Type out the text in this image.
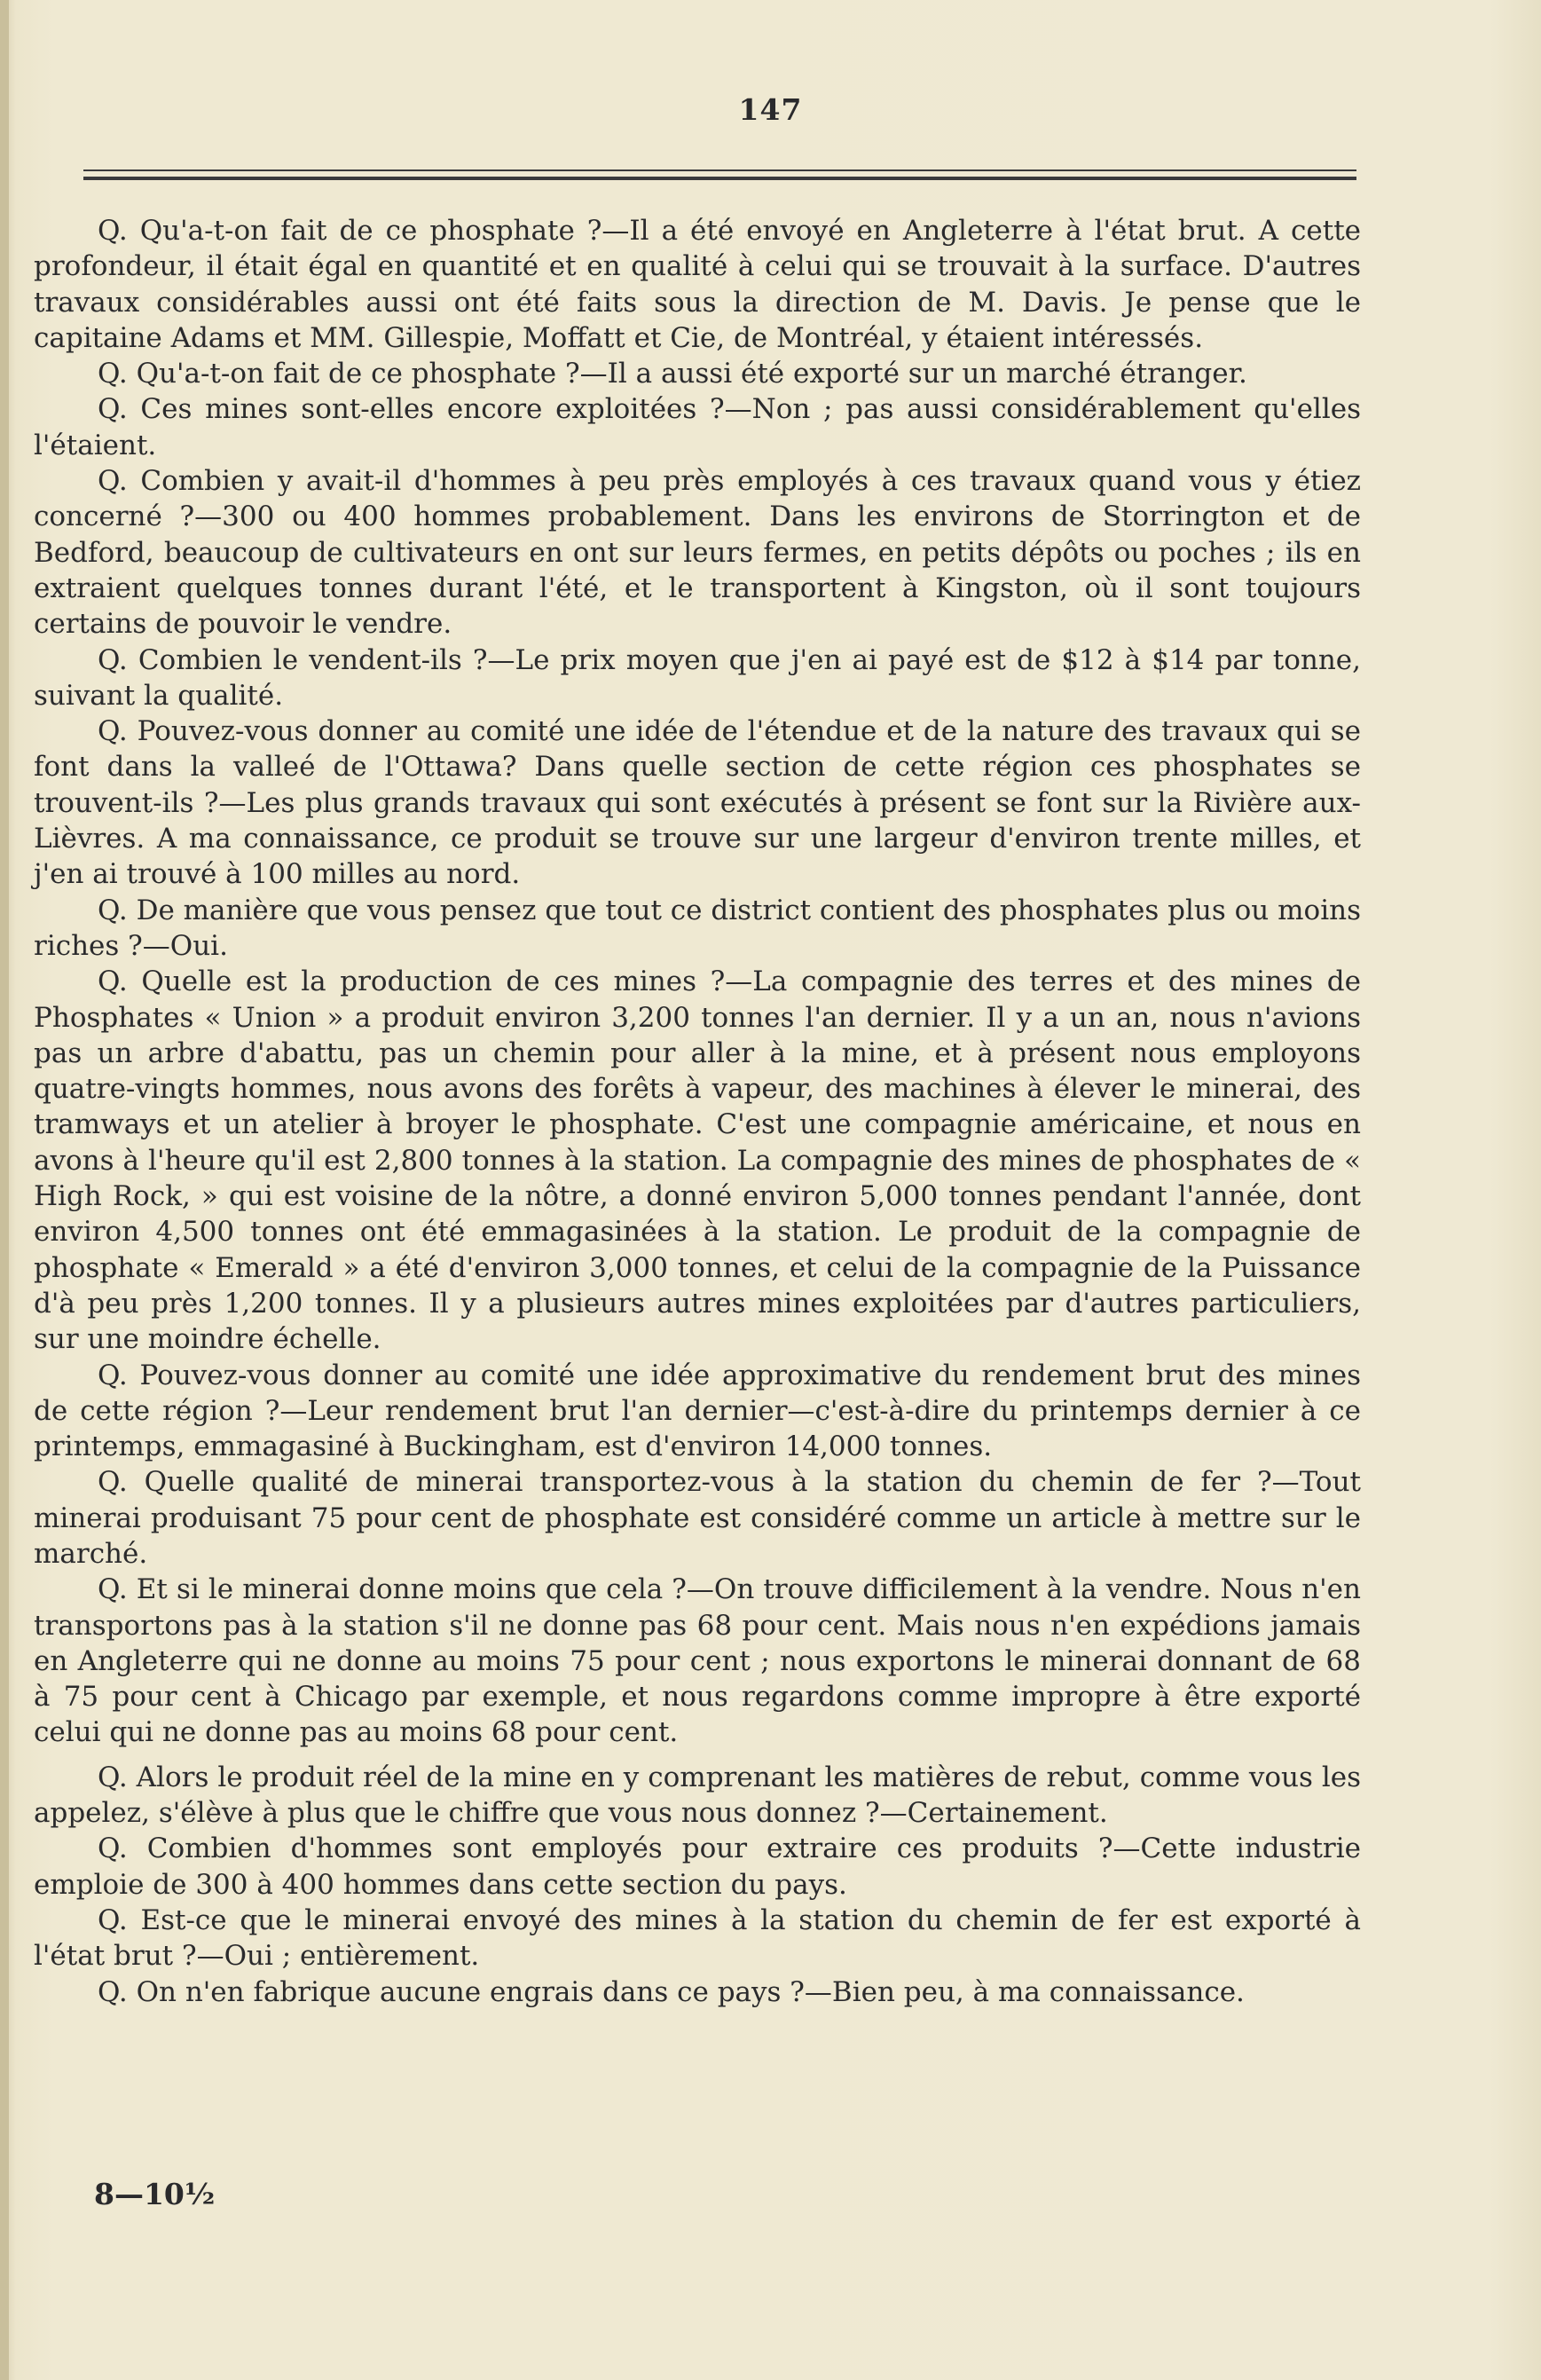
147

Q. Qu'a-t-on fait de ce phosphate ?—Il a été envoyé en Angleterre à l'état brut. A cette profondeur, il était égal en quantité et en qualité à celui qui se trouvait à la surface. D'autres travaux considérables aussi ont été faits sous la direction de M. Davis. Je pense que le capitaine Adams et MM. Gillespie, Moffatt et Cie, de Montréal, y étaient intéressés.

Q. Qu'a-t-on fait de ce phosphate ?—Il a aussi été exporté sur un marché étranger.

Q. Ces mines sont-elles encore exploitées ?—Non ; pas aussi considérablement qu'elles l'étaient.

Q. Combien y avait-il d'hommes à peu près employés à ces travaux quand vous y étiez concerné ?—300 ou 400 hommes probablement. Dans les environs de Storrington et de Bedford, beaucoup de cultivateurs en ont sur leurs fermes, en petits dépôts ou poches ; ils en extraient quelques tonnes durant l'été, et le transportent à Kingston, où il sont toujours certains de pouvoir le vendre.

Q. Combien le vendent-ils ?—Le prix moyen que j'en ai payé est de $12 à $14 par tonne, suivant la qualité.

Q. Pouvez-vous donner au comité une idée de l'étendue et de la nature des travaux qui se font dans la valleé de l'Ottawa? Dans quelle section de cette région ces phosphates se trouvent-ils ?—Les plus grands travaux qui sont exécutés à présent se font sur la Rivière aux-Lièvres. A ma connaissance, ce produit se trouve sur une largeur d'environ trente milles, et j'en ai trouvé à 100 milles au nord.

Q. De manière que vous pensez que tout ce district contient des phosphates plus ou moins riches ?—Oui.

Q. Quelle est la production de ces mines ?—La compagnie des terres et des mines de Phosphates « Union » a produit environ 3,200 tonnes l'an dernier. Il y a un an, nous n'avions pas un arbre d'abattu, pas un chemin pour aller à la mine, et à présent nous employons quatre-vingts hommes, nous avons des forêts à vapeur, des machines à élever le minerai, des tramways et un atelier à broyer le phosphate. C'est une compagnie américaine, et nous en avons à l'heure qu'il est 2,800 tonnes à la station. La compagnie des mines de phosphates de « High Rock, » qui est voisine de la nôtre, a donné environ 5,000 tonnes pendant l'année, dont environ 4,500 tonnes ont été emmagasinées à la station. Le produit de la compagnie de phosphate « Emerald » a été d'environ 3,000 tonnes, et celui de la compagnie de la Puissance d'à peu près 1,200 tonnes. Il y a plusieurs autres mines exploitées par d'autres particuliers, sur une moindre échelle.

Q. Pouvez-vous donner au comité une idée approximative du rendement brut des mines de cette région ?—Leur rendement brut l'an dernier—c'est-à-dire du printemps dernier à ce printemps, emmagasiné à Buckingham, est d'environ 14,000 tonnes.

Q. Quelle qualité de minerai transportez-vous à la station du chemin de fer ?—Tout minerai produisant 75 pour cent de phosphate est considéré comme un article à mettre sur le marché.

Q. Et si le minerai donne moins que cela ?—On trouve difficilement à la vendre. Nous n'en transportons pas à la station s'il ne donne pas 68 pour cent. Mais nous n'en expédions jamais en Angleterre qui ne donne au moins 75 pour cent ; nous exportons le minerai donnant de 68 à 75 pour cent à Chicago par exemple, et nous regardons comme impropre à être exporté celui qui ne donne pas au moins 68 pour cent.

Q. Alors le produit réel de la mine en y comprenant les matières de rebut, comme vous les appelez, s'élève à plus que le chiffre que vous nous donnez ?—Certainement.

Q. Combien d'hommes sont employés pour extraire ces produits ?—Cette industrie emploie de 300 à 400 hommes dans cette section du pays.

Q. Est-ce que le minerai envoyé des mines à la station du chemin de fer est exporté à l'état brut ?—Oui ; entièrement.

Q. On n'en fabrique aucune engrais dans ce pays ?—Bien peu, à ma connaissance.

8—10½
